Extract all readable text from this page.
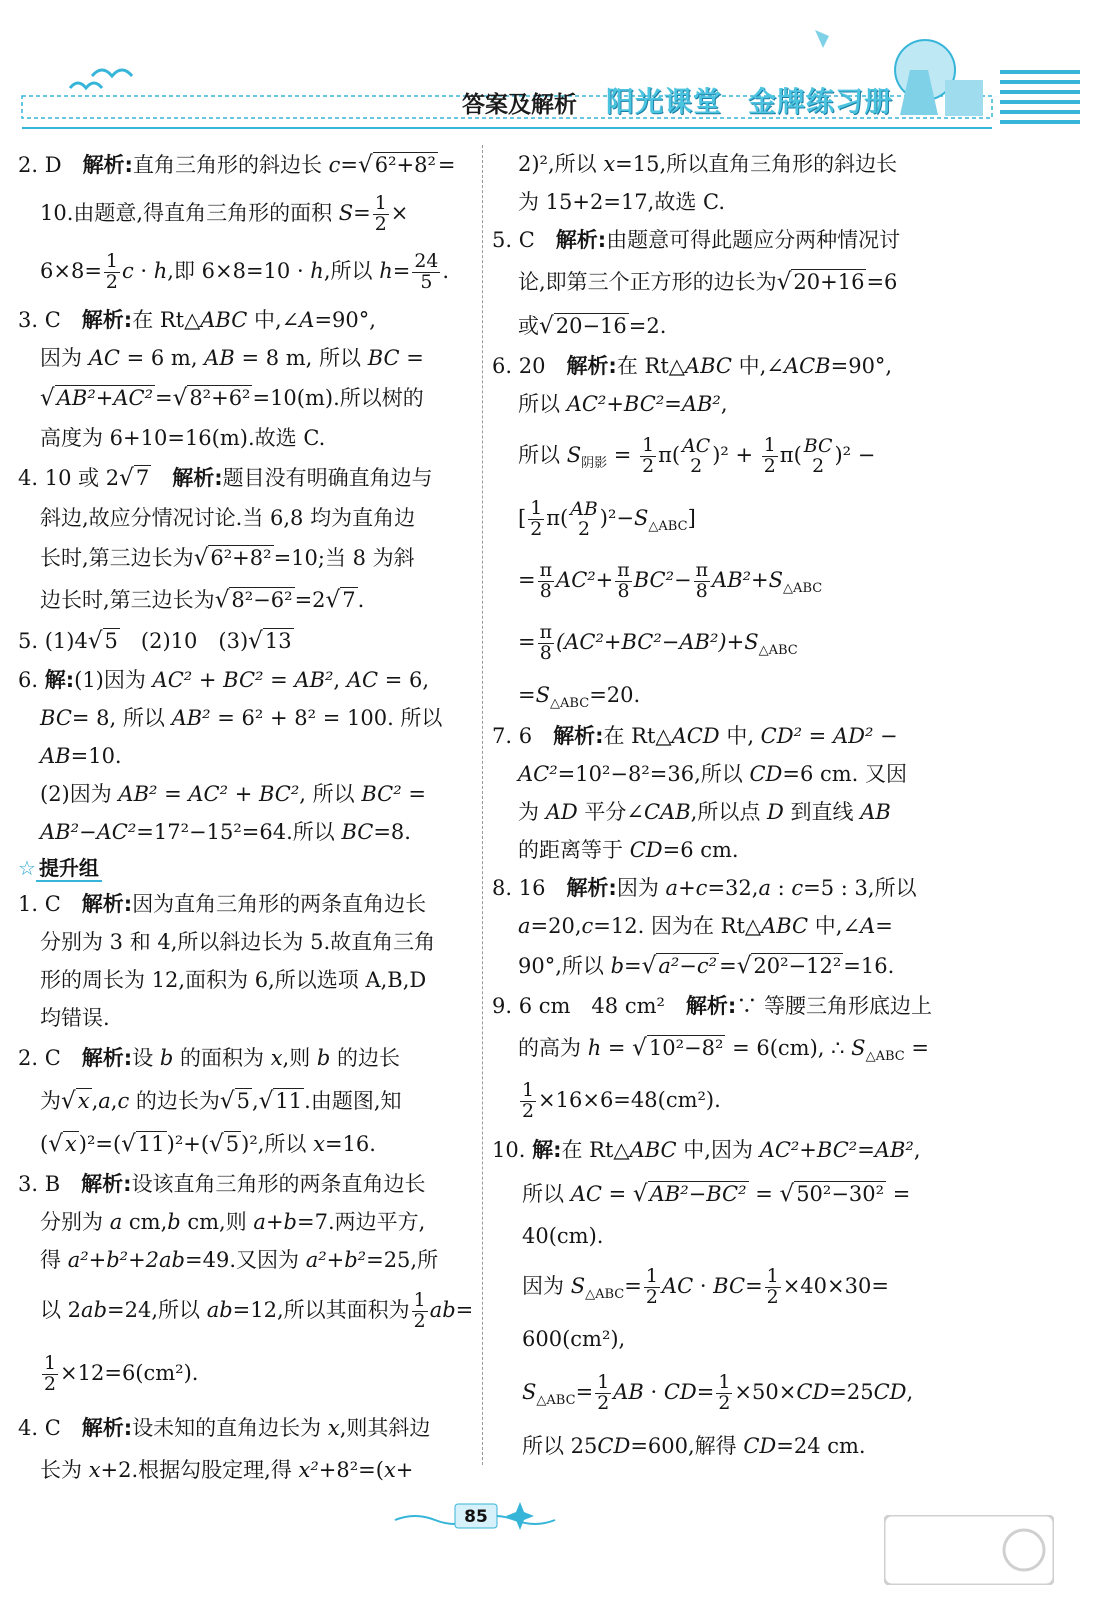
答案及解析 阳光课堂 金牌练习册

2. D　解析:直角三角形的斜边长 c=√6²+8²=

10.由题意,得直角三角形的面积 $S= \frac{1}{2}$ ×

$6\times 8= \frac{1}{2}$ c · h,即 6×8=10 · h,所以 $h= \frac{24}{5}$ .

3. C　解析:在 Rt△ABC 中,∠A=90°,

因为 AC = 6 m, AB = 8 m, 所以 BC =

√AB²+AC²=√8²+6²=10(m).所以树的

高度为 6+10=16(m).故选 C.

4. 10 或 2√7　 解析:题目没有明确直角边与

斜边,故应分情况讨论.当 6,8 均为直角边

长时,第三边长为√6²+8²=10;当 8 为斜

边长时,第三边长为√8²−6²=2√7.

5. (1)4√5　(2)10　(3)√13

6. 解:(1)因为 AC² + BC² = AB², AC = 6,

BC= 8, 所以 AB² = 6² + 8² = 100. 所以

AB=10.

(2)因为 AB² = AC² + BC², 所以 BC² =

AB²−AC²=17²−15²=64.所以 BC=8.

☆ 提升组

1. C　解析:因为直角三角形的两条直角边长

分别为 3 和 4,所以斜边长为 5.故直角三角

形的周长为 12,面积为 6,所以选项 A,B,D

均错误.

2. C　解析:设 b 的面积为 x,则 b 的边长

为√x,a,c 的边长为√5,√11.由题图,知

(√x)²=(√11)²+(√5)²,所以 x=16.

3. B　解析:设该直角三角形的两条直角边长

分别为 a cm,b cm,则 a+b=7.两边平方,

得 a²+b²+2ab=49.又因为 a²+b²=25,所

以 2ab=24,所以 ab=12,所以其面积为 $\frac{1}{2} ab=$

$\frac{1}{2} \times 12=6(cm^2)$.

4. C　解析:设未知的直角边长为 x,则其斜边

长为 x+2.根据勾股定理,得 x²+8²=(x+

2)²,所以 x=15,所以直角三角形的斜边长

为 15+2=17,故选 C.

5. C　解析:由题意可得此题应分两种情况讨

论,即第三个正方形的边长为√20+16=6

或√20−16=2.

6. 20　解析:在 Rt△ABC 中,∠ACB=90°,

所以 AC²+BC²=AB²,

所以 $S_{阴影} = \frac{1}{2} \pi$( AC
2 )$^2 + \frac{1}{2} \pi$( BC
2 )² −

[ $\frac{1}{2} \pi$( AB
2 )$^2-S_{\triangle ABC}$]

= $\frac{\pi}{8} AC^2+ \frac{\pi}{8} BC^2- \frac{\pi}{8} AB^2+S_{\triangle ABC}$

= $\frac{\pi}{8} (AC^2+BC^2-AB^2)+S_{\triangle ABC}$

$=S_{\triangle ABC}=20$.

7. 6　解析:在 Rt△ACD 中, CD² = AD² −

AC²=10²−8²=36,所以 CD=6 cm. 又因

为 AD 平分∠CAB,所以点 D 到直线 AB

的距离等于 CD=6 cm.

8. 16　解析:因为 a+c=32,a : c=5 : 3,所以

a=20,c=12. 因为在 Rt△ABC 中,∠A=

90°,所以 b=√a²−c²=√20²−12²=16.

9. 6 cm　48 cm²　解析:∵ 等腰三角形底边上

的高为 h = √10²−8² = 6(cm), ∴ $S_{\triangle ABC}$ =

$\frac{1}{2} \times 16\times 6=48(cm^2)$.

10. 解:在 Rt△ABC 中,因为 AC²+BC²=AB²,

所以 AC = √AB²−BC² = √50²−30² =

40(cm).

因为 $S_{\triangle ABC}= \frac{1}{2}$ AC · $BC= \frac{1}{2} \times 40\times 30=$

600(cm²),

$S_{\triangle ABC}= \frac{1}{2}$ AB · $CD= \frac{1}{2} \times 50\times CD=25CD$,

所以 25CD=600,解得 CD=24 cm.

85
